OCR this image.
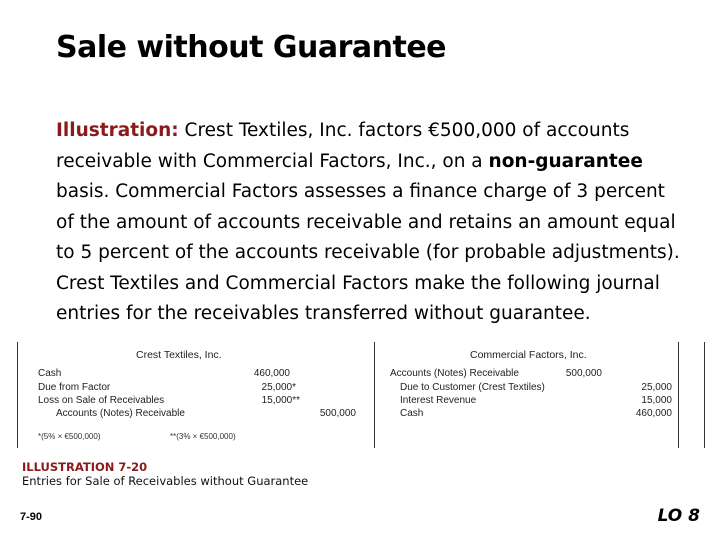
Sale without Guarantee
Illustration: Crest Textiles, Inc. factors €500,000 of accounts receivable with Commercial Factors, Inc., on a non-guarantee basis. Commercial Factors assesses a finance charge of 3 percent of the amount of accounts receivable and retains an amount equal to 5 percent of the accounts receivable (for probable adjustments). Crest Textiles and Commercial Factors make the following journal entries for the receivables transferred without guarantee.
Crest Textiles, Inc.
Cash	460,000
Due from Factor	25,000*
Loss on Sale of Receivables	15,000**
Accounts (Notes) Receivable	500,000
*(5% × €500,000)	**(3% × €500,000)
Commercial Factors, Inc.
Accounts (Notes) Receivable	500,000
Due to Customer (Crest Textiles)	25,000
Interest Revenue	15,000
Cash	460,000
ILLUSTRATION 7-20
Entries for Sale of Receivables without Guarantee
7-90	LO 8
